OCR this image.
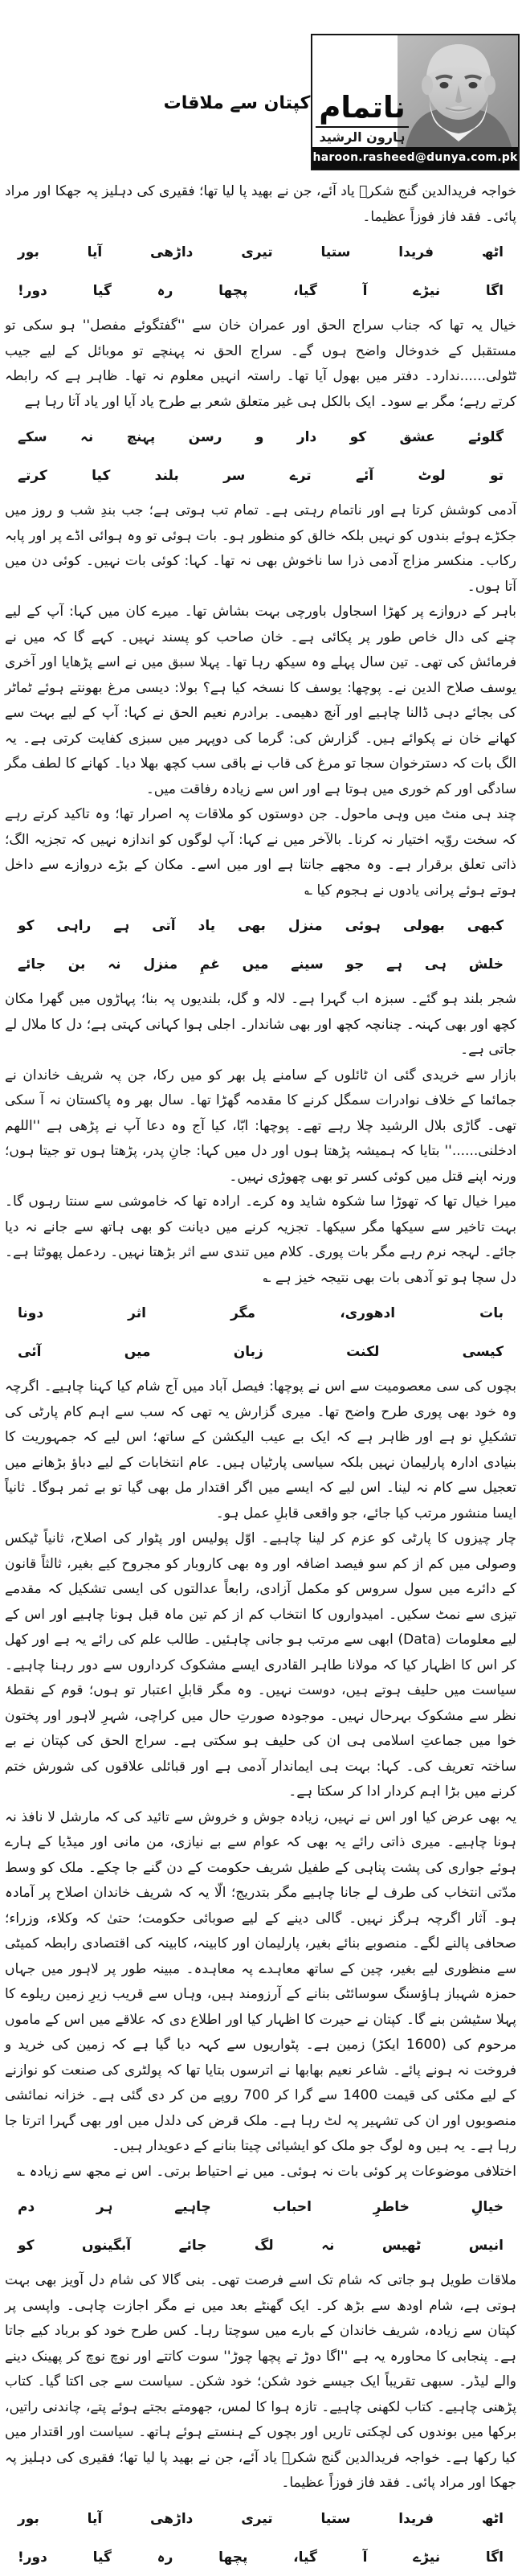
ناتمام
ہارون الرشید
haroon.rasheed@dunya.com.pk
کپتان سے ملاقات

خواجہ فریدالدین گنج شکرؒ یاد آئے، جن نے بھید پا لیا تھا؛ فقیری کی دہلیز پہ جھکا اور مراد پائی۔ فقد فاز فوزاً عظیما۔

اٹھ فریدا ستیا تیری داڑھی آیا بور
اگا نیڑے آ گیا، پچھا رہ گیا دور!

خیال یہ تھا کہ جناب سراج الحق اور عمران خان سے ''گفتگوئے مفصل'' ہو سکی تو مستقبل کے خدوخال واضح ہوں گے۔ سراج الحق نہ پہنچے تو موبائل کے لیے جیب ٹٹولی......ندارد۔ دفتر میں بھول آیا تھا۔ راستہ انہیں معلوم نہ تھا۔ ظاہر ہے کہ رابطہ کرتے رہے؛ مگر بے سود۔ ایک بالکل ہی غیر متعلق شعر بے طرح یاد آیا اور یاد آتا رہا ہے

گلوئے عشق کو دار و رسن پہنچ نہ سکے
تو لوٹ آئے ترے سر بلند کیا کرتے

آدمی کوشش کرتا ہے اور ناتمام رہتی ہے۔ تمام تب ہوتی ہے؛ جب بندِ شب و روز میں جکڑے ہوئے بندوں کو نہیں بلکہ خالق کو منظور ہو۔ بات ہوئی تو وہ ہوائی اڈے پر اور پابہ رکاب۔ منکسر مزاج آدمی ذرا سا ناخوش بھی نہ تھا۔ کہا: کوئی بات نہیں۔ کوئی دن میں آتا ہوں۔

باہر کے دروازے پر کھڑا اسجاول باورچی بہت بشاش تھا۔ میرے کان میں کہا: آپ کے لیے چنے کی دال خاص طور پر پکائی ہے۔ خان صاحب کو پسند نہیں۔ کہے گا کہ میں نے فرمائش کی تھی۔ تین سال پہلے وہ سیکھ رہا تھا۔ پہلا سبق میں نے اسے پڑھایا اور آخری یوسف صلاح الدین نے۔ پوچھا: یوسف کا نسخہ کیا ہے؟ بولا: دیسی مرغ بھونتے ہوئے ٹماٹر کی بجائے دہی ڈالنا چاہیے اور آنچ دھیمی۔ برادرم نعیم الحق نے کہا: آپ کے لیے بہت سے کھانے خان نے پکوائے ہیں۔ گزارش کی: گرما کی دوپہر میں سبزی کفایت کرتی ہے۔ یہ الگ بات کہ دسترخوان سجا تو مرغ کی قاب نے باقی سب کچھ بھلا دیا۔ کھانے کا لطف مگر سادگی اور کم خوری میں ہوتا ہے اور اس سے زیادہ رفاقت میں۔

چند ہی منٹ میں وہی ماحول۔ جن دوستوں کو ملاقات پہ اصرار تھا؛ وہ تاکید کرتے رہے کہ سخت روّیہ اختیار نہ کرنا۔ بالآخر میں نے کہا: آپ لوگوں کو اندازہ نہیں کہ تجزیہ الگ؛ ذاتی تعلق برقرار ہے۔ وہ مجھے جانتا ہے اور میں اسے۔ مکان کے بڑے دروازے سے داخل ہوتے ہوئے پرانی یادوں نے ہجوم کیا ؎

کبھی بھولی ہوئی منزل بھی یاد آتی ہے راہی کو
خلش ہی ہے جو سینے میں غمِ منزل نہ بن جائے

شجر بلند ہو گئے۔ سبزہ اب گہرا ہے۔ لالہ و گل، بلندیوں پہ بنا؛ پہاڑوں میں گھرا مکان کچھ اور بھی کہنہ۔ چنانچہ کچھ اور بھی شاندار۔ اجلی ہوا کہانی کہتی ہے؛ دل کا ملال لے جاتی ہے۔

بازار سے خریدی گئی ان ٹائلوں کے سامنے پل بھر کو میں رکا، جن پہ شریف خاندان نے جمائما کے خلاف نوادرات سمگل کرنے کا مقدمہ گھڑا تھا۔ سال بھر وہ پاکستان نہ آ سکی تھی۔ گاڑی بلال الرشید چلا رہے تھے۔ پوچھا: ابّا، کیا آج وہ دعا آپ نے پڑھی ہے ''اللھم ادخلنی......'' بتایا کہ ہمیشہ پڑھتا ہوں اور دل میں کہا: جانِ پدر، پڑھتا ہوں تو جیتا ہوں؛ ورنہ اپنے قتل میں کوئی کسر تو بھی چھوڑی نہیں۔

میرا خیال تھا کہ تھوڑا سا شکوہ شاید وہ کرے۔ ارادہ تھا کہ خاموشی سے سنتا رہوں گا۔ بہت تاخیر سے سیکھا مگر سیکھا۔ تجزیہ کرنے میں دیانت کو بھی ہاتھ سے جانے نہ دیا جائے۔ لہجہ نرم رہے مگر بات پوری۔ کلام میں تندی سے اثر بڑھتا نہیں۔ ردعمل پھوٹتا ہے۔ دل سچا ہو تو آدھی بات بھی نتیجہ خیز ہے ؎

بات ادھوری، مگر اثر دونا
کیسی لکنت زبان میں آئی

بچوں کی سی معصومیت سے اس نے پوچھا: فیصل آباد میں آج شام کیا کہنا چاہیے۔ اگرچہ وہ خود بھی پوری طرح واضح تھا۔ میری گزارش یہ تھی کہ سب سے اہم کام پارٹی کی تشکیلِ نو ہے اور ظاہر ہے کہ ایک بے عیب الیکشن کے ساتھ؛ اس لیے کہ جمہوریت کا بنیادی ادارہ پارلیمان نہیں بلکہ سیاسی پارٹیاں ہیں۔ عام انتخابات کے لیے دباؤ بڑھانے میں تعجیل سے کام نہ لینا۔ اس لیے کہ ایسے میں اگر اقتدار مل بھی گیا تو بے ثمر ہوگا۔ ثانیاً ایسا منشور مرتب کیا جائے، جو واقعی قابلِ عمل ہو۔

چار چیزوں کا پارٹی کو عزم کر لینا چاہیے۔ اوّل پولیس اور پٹوار کی اصلاح، ثانیاً ٹیکس وصولی میں کم از کم سو فیصد اضافہ اور وہ بھی کاروبار کو مجروح کیے بغیر، ثالثاً قانون کے دائرے میں سول سروس کو مکمل آزادی، رابعاً عدالتوں کی ایسی تشکیل کہ مقدمے تیزی سے نمٹ سکیں۔ امیدواروں کا انتخاب کم از کم تین ماہ قبل ہونا چاہیے اور اس کے لیے معلومات (Data) ابھی سے مرتب ہو جانی چاہئیں۔ طالب علم کی رائے یہ ہے اور کھل کر اس کا اظہار کیا کہ مولانا طاہر القادری ایسے مشکوک کرداروں سے دور رہنا چاہیے۔ سیاست میں حلیف ہوتے ہیں، دوست نہیں۔ وہ مگر قابلِ اعتبار تو ہوں؛ قوم کے نقطۂ نظر سے مشکوک بہرحال نہیں۔ موجودہ صورتِ حال میں کراچی، شہرِ لاہور اور پختون خوا میں جماعتِ اسلامی ہی ان کی حلیف ہو سکتی ہے۔ سراج الحق کی کپتان نے بے ساختہ تعریف کی۔ کہا: بہت ہی ایماندار آدمی ہے اور قبائلی علاقوں کی شورش ختم کرنے میں بڑا اہم کردار ادا کر سکتا ہے۔

یہ بھی عرض کیا اور اس نے نہیں، زیادہ جوش و خروش سے تائید کی کہ مارشل لا نافذ نہ ہونا چاہیے۔ میری ذاتی رائے یہ بھی کہ عوام سے بے نیازی، من مانی اور میڈیا کے ہارے ہوئے جواری کی پشت پناہی کے طفیل شریف حکومت کے دن گنے جا چکے۔ ملک کو وسط مدّتی انتخاب کی طرف لے جانا چاہیے مگر بتدریج؛ الّا یہ کہ شریف خاندان اصلاح پر آمادہ ہو۔ آثار اگرچہ ہرگز نہیں۔ گالی دینے کے لیے صوبائی حکومت؛ حتیٰ کہ وکلاء، وزراء؛ صحافی پالنے لگے۔ منصوبے بنائے بغیر، پارلیمان اور کابینہ، کابینہ کی اقتصادی رابطہ کمیٹی سے منظوری لیے بغیر، چین کے ساتھ معاہدے پہ معاہدہ۔ مبینہ طور پر لاہور میں جہاں حمزہ شہباز ہاؤسنگ سوسائٹی بنانے کے آرزومند ہیں، وہاں سے قریب زیرِ زمین ریلوے کا پہلا سٹیشن بنے گا۔ کپتان نے حیرت کا اظہار کیا اور اطلاع دی کہ علاقے میں اس کے ماموں مرحوم کی (1600 ایکڑ) زمین ہے۔ پٹواریوں سے کہہ دیا گیا ہے کہ زمین کی خرید و فروخت نہ ہونے پائے۔ شاعر نعیم بھابھا نے اترسوں بتایا تھا کہ پولٹری کی صنعت کو نوازنے کے لیے مکئی کی قیمت 1400 سے گرا کر 700 روپے من کر دی گئی ہے۔ خزانہ نمائشی منصوبوں اور ان کی تشہیر پہ لٹ رہا ہے۔ ملک قرض کی دلدل میں اور بھی گہرا اترتا جا رہا ہے۔ یہ ہیں وہ لوگ جو ملک کو ایشیائی چیتا بنانے کے دعویدار ہیں۔

اختلافی موضوعات پر کوئی بات نہ ہوئی۔ میں نے احتیاط برتی۔ اس نے مجھ سے زیادہ ؎

خیالِ خاطرِ احباب چاہیے ہر دم
انیس ٹھیس نہ لگ جائے آبگینوں کو

ملاقات طویل ہو جاتی کہ شام تک اسے فرصت تھی۔ بنی گالا کی شام دل آویز بھی بہت ہوتی ہے، شام اودھ سے بڑھ کر۔ ایک گھنٹے بعد میں نے مگر اجازت چاہی۔ واپسی پر کپتان سے زیادہ، شریف خاندان کے بارے میں سوچتا رہا۔ کس طرح خود کو برباد کیے جاتا ہے۔ پنجابی کا محاورہ یہ ہے ''اگا دوڑ تے پچھا چوڑ'' سوت کاتتے اور نوچ نوچ کر پھینک دینے والے لیڈر۔ سبھی تقریباً ایک جیسے خود شکن؛ خود شکن۔ سیاست سے جی اکتا گیا۔ کتاب پڑھنی چاہیے۔ کتاب لکھنی چاہیے۔ تازہ ہوا کا لمس، جھومتے بجتے ہوئے پتے، چاندنی راتیں، برکھا میں بوندوں کی لچکتی تاریں اور بچوں کے ہنستے ہوئے ہاتھ۔ سیاست اور اقتدار میں کیا رکھا ہے۔ خواجہ فریدالدین گنج شکرؒ یاد آئے، جن نے بھید پا لیا تھا؛ فقیری کی دہلیز پہ جھکا اور مراد پائی۔ فقد فاز فوزاً عظیما۔

اٹھ فریدا ستیا تیری داڑھی آیا بور
اگا نیڑے آ گیا، پچھا رہ گیا دور!
